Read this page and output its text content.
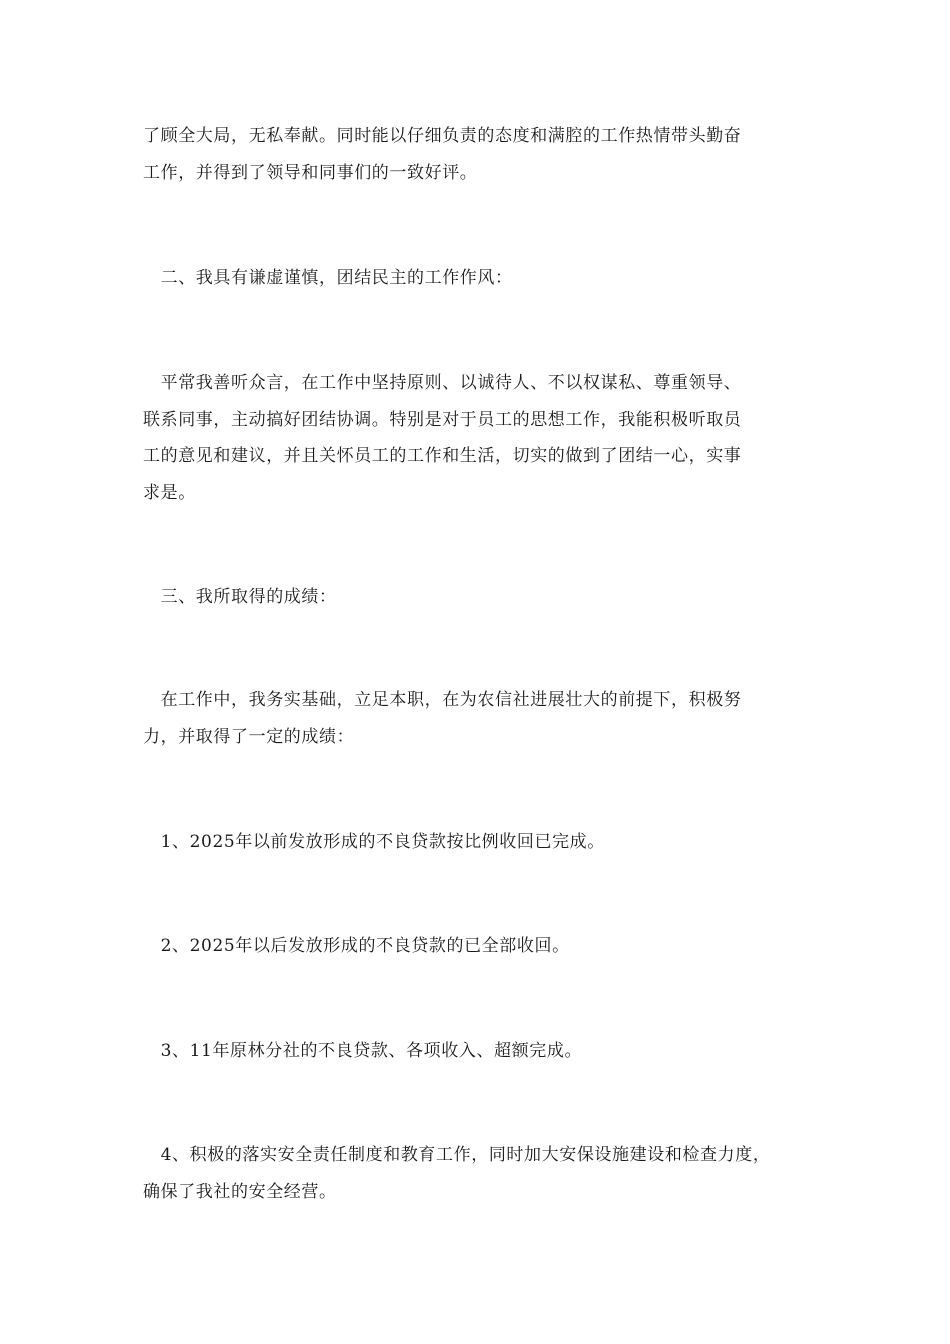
了顾全大局，无私奉献。同时能以仔细负责的态度和满腔的工作热情带头勤奋
工作，并得到了领导和同事们的一致好评。
　二、我具有谦虚谨慎，团结民主的工作作风：
　平常我善听众言，在工作中坚持原则、以诚待人、不以权谋私、尊重领导、
联系同事，主动搞好团结协调。特别是对于员工的思想工作，我能积极听取员
工的意见和建议，并且关怀员工的工作和生活，切实的做到了团结一心，实事
求是。
　三、我所取得的成绩：
　在工作中，我务实基础，立足本职，在为农信社进展壮大的前提下，积极努
力，并取得了一定的成绩：
　1、2025年以前发放形成的不良贷款按比例收回已完成。
　2、2025年以后发放形成的不良贷款的已全部收回。
　3、11年原林分社的不良贷款、各项收入、超额完成。
　4、积极的落实安全责任制度和教育工作，同时加大安保设施建设和检查力度，
确保了我社的安全经营。
